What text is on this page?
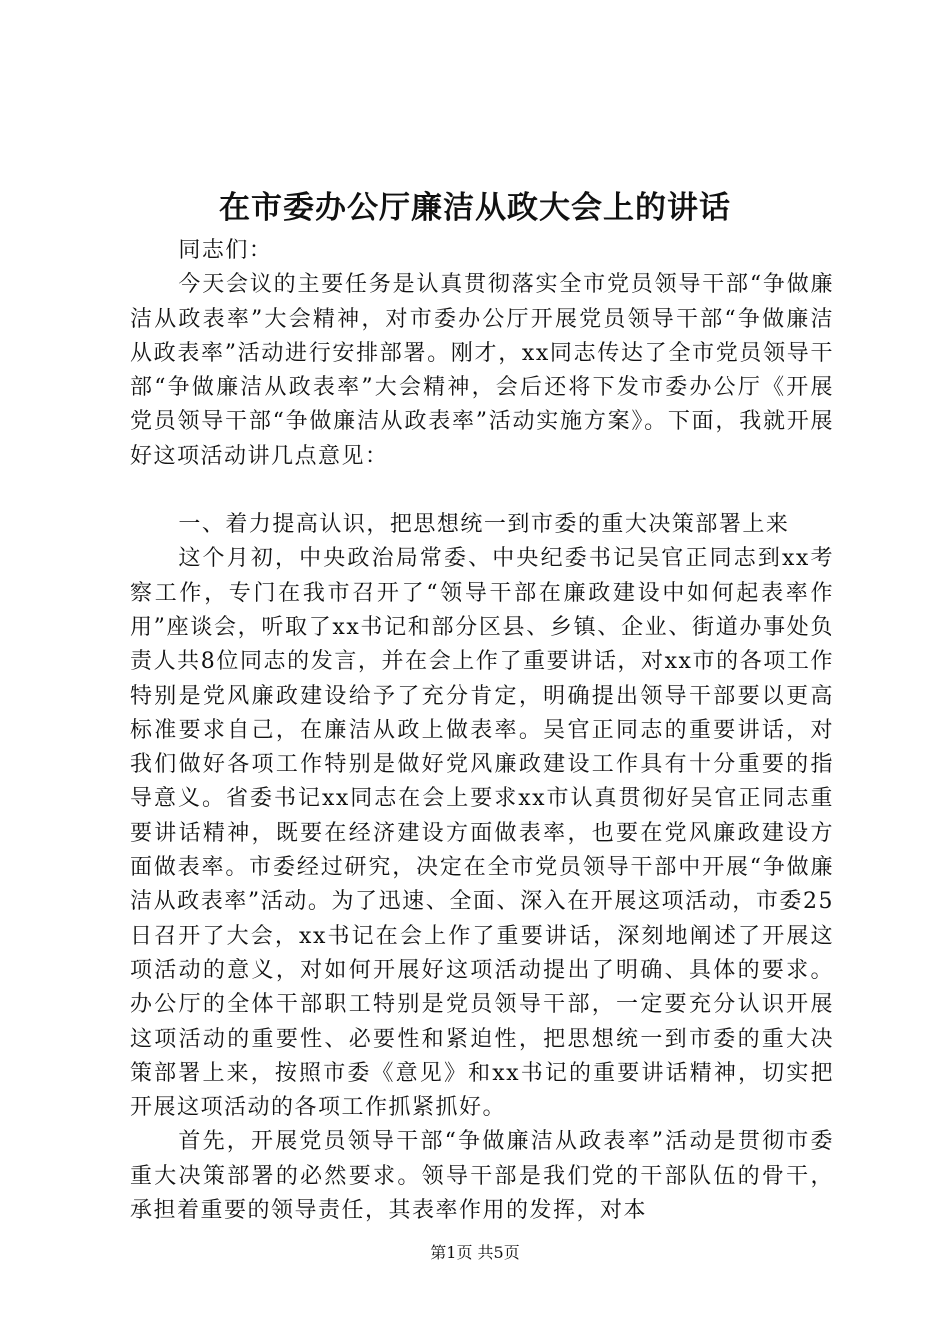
在市委办公厅廉洁从政大会上的讲话

同志们：

今天会议的主要任务是认真贯彻落实全市党员领导干部“争做廉洁从政表率”大会精神，对市委办公厅开展党员领导干部“争做廉洁从政表率”活动进行安排部署。刚才，xx同志传达了全市党员领导干部“争做廉洁从政表率”大会精神，会后还将下发市委办公厅《开展党员领导干部“争做廉洁从政表率”活动实施方案》。下面，我就开展好这项活动讲几点意见：

一、着力提高认识，把思想统一到市委的重大决策部署上来

这个月初，中央政治局常委、中央纪委书记吴官正同志到xx考察工作，专门在我市召开了“领导干部在廉政建设中如何起表率作用”座谈会，听取了xx书记和部分区县、乡镇、企业、街道办事处负责人共8位同志的发言，并在会上作了重要讲话，对xx市的各项工作特别是党风廉政建设给予了充分肯定，明确提出领导干部要以更高标准要求自己，在廉洁从政上做表率。吴官正同志的重要讲话，对我们做好各项工作特别是做好党风廉政建设工作具有十分重要的指导意义。省委书记xx同志在会上要求xx市认真贯彻好吴官正同志重要讲话精神，既要在经济建设方面做表率，也要在党风廉政建设方面做表率。市委经过研究，决定在全市党员领导干部中开展“争做廉洁从政表率”活动。为了迅速、全面、深入在开展这项活动，市委25日召开了大会，xx书记在会上作了重要讲话，深刻地阐述了开展这项活动的意义，对如何开展好这项活动提出了明确、具体的要求。办公厅的全体干部职工特别是党员领导干部，一定要充分认识开展这项活动的重要性、必要性和紧迫性，把思想统一到市委的重大决策部署上来，按照市委《意见》和xx书记的重要讲话精神，切实把开展这项活动的各项工作抓紧抓好。

首先，开展党员领导干部“争做廉洁从政表率”活动是贯彻市委重大决策部署的必然要求。领导干部是我们党的干部队伍的骨干，承担着重要的领导责任，其表率作用的发挥，对本

第1页 共5页
